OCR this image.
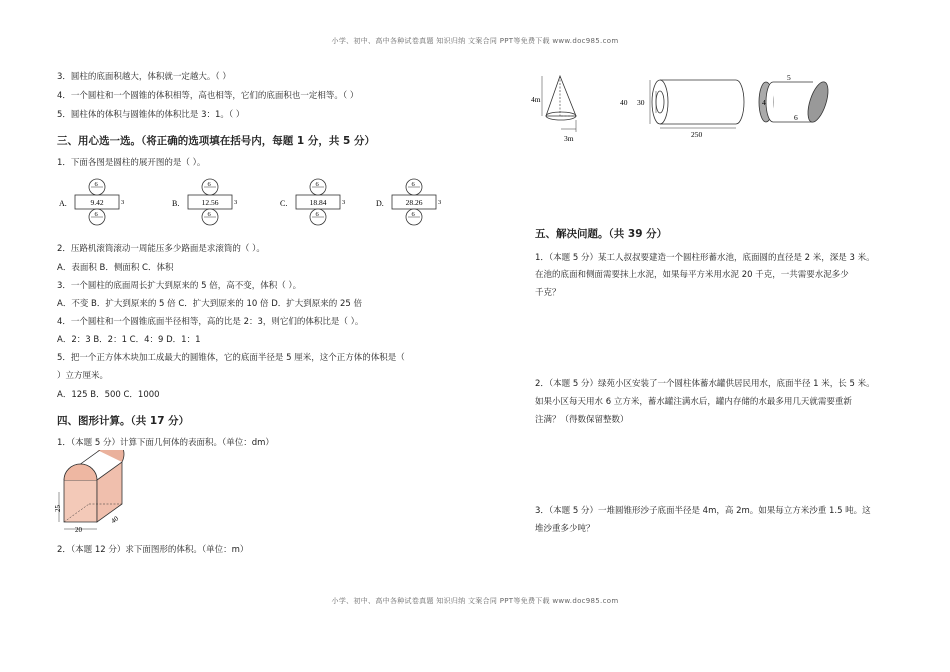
小学、初中、高中各种试卷真题 知识归纳 文案合同 PPT等免费下载 www.doc985.com
3．圆柱的底面积越大，体积就一定越大。（ ）
4．一个圆柱和一个圆锥的体积相等，高也相等，它们的底面积也一定相等。（ ）
5．圆柱体的体积与圆锥体的体积比是 3：1。（ ）
三、用心选一选。（将正确的选项填在括号内，每题 1 分，共 5 分）
1．下面各图是圆柱的展开图的是（ ）。
6
6
9.42	3
A.
6
6
12.56 3
B.
6
6
18.84 3
C.
6
6
28.26 3
D.
2．压路机滚筒滚动一周能压多少路面是求滚筒的（ ）。
A．表面积 B．侧面积 C．体积
3．一个圆柱的底面周长扩大到原来的 5 倍，高不变，体积（ ）。
A．不变 B．扩大到原来的 5 倍 C．扩大到原来的 10 倍 D．扩大到原来的 25 倍
4．一个圆柱和一个圆锥底面半径相等，高的比是 2：3，则它们的体积比是（ ）。
A．2：3 B．2：1 C．4：9 D．1：1
5．把一个正方体木块加工成最大的圆锥体，它的底面半径是 5 厘米，这个正方体的体积是（
）立方厘米。
A．125 B．500 C．1000
四、图形计算。（共 17 分）
1．（本题 5 分）计算下面几何体的表面积。（单位：dm）
25
20
40
2．（本题 12 分）求下面图形的体积。（单位：m）
4m
3m
40 30
250
5
4
6
五、解决问题。（共 39 分）
1．（本题 5 分）某工人叔叔要建造一个圆柱形蓄水池，底面圆的直径是 2 米，深是 3 米。
在池的底面和侧面需要抹上水泥，如果每平方米用水泥 20 千克，一共需要水泥多少
千克？
2．（本题 5 分）绿苑小区安装了一个圆柱体蓄水罐供居民用水，底面半径 1 米，长 5 米。
如果小区每天用水 6 立方米，蓄水罐注满水后，罐内存储的水最多用几天就需要重新
注满？（得数保留整数）
3．（本题 5 分）一堆圆锥形沙子底面半径是 4m，高 2m。如果每立方米沙重 1.5 吨。这
堆沙重多少吨？
小学、初中、高中各种试卷真题 知识归纳 文案合同 PPT等免费下载 www.doc985.com
